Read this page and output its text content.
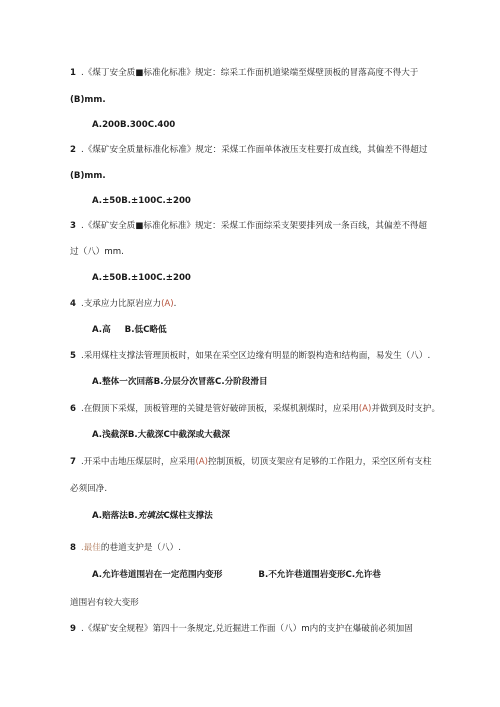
1 .《煤丁安全质■标准化标准》规定：综采工作面机道梁端至煤壁顶板的冒落高度不得大于
(B)mm.
A.200B.300C.400
2 .《煤矿安全质量标准化标准》规定：采煤工作面单体液压支柱要打成直线，其偏差不得超过
(B)mm.
A.±50B.±100C.±200
3 .《煤矿安全质■标准化标准》规定：采煤工作面综采支架要排列成一条百线，其偏差不得超
过（八）mm.
A.±50B.±100C.±200
4 .支承应力比原岩应力(A).
A.高 B.低C略低
5 .采用煤柱支撑法管理顶板时，如果在采空区边缘有明显的断裂构造和结构面，易发生（八）.
A.整体一次回落B.分层分次冒落C.分阶段滑目
6 .在假顶下采煤，顶板管理的关键是管好破碎顶板，采煤机割煤时，应采用(A)并做到及时支护。
A.浅截深B.大截深C中截深或大截深
7 .开采中击地压煤层时，应采用(A)控制顶板，切顶支架应有足够的工作阻力，采空区所有支柱
必须回净.
A.赔落法B.充填法C煤柱支撑法
8 .最佳的巷道支护是（八）.
A.允许巷道围岩在一定范围内变形	B.不允许巷道围岩变形C.允许巷
道围岩有较大变形
9 .《煤矿安全规程》第四十一条规定,兑近掘进工作面（八）m内的支护在爆破前必须加固
